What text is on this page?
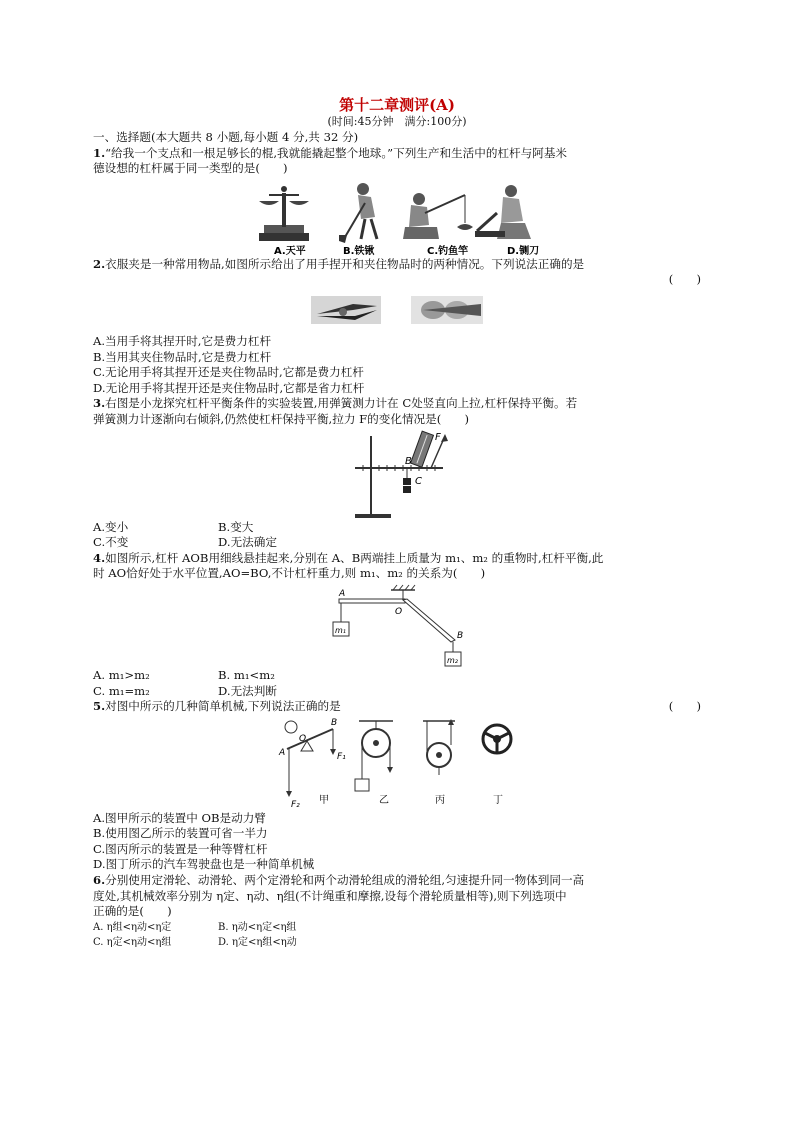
第十二章测评(A)

(时间:45分钟　满分:100分)

一、选择题(本大题共 8 小题,每小题 4 分,共 32 分)
1.“给我一个支点和一根足够长的棍,我就能撬起整个地球。”下列生产和生活中的杠杆与阿基米
德设想的杠杆属于同一类型的是(　　)
A.天平	B.铁锹	C.钓鱼竿	D.铡刀
2.衣服夹是一种常用物品,如图所示给出了用手捏开和夹住物品时的两种情况。下列说法正确的是
(　　)
A.当用手将其捏开时,它是费力杠杆
B.当用其夹住物品时,它是费力杠杆
C.无论用手将其捏开还是夹住物品时,它都是费力杠杆
D.无论用手将其捏开还是夹住物品时,它都是省力杠杆
3.右图是小龙探究杠杆平衡条件的实验装置,用弹簧测力计在 C处竖直向上拉,杠杆保持平衡。若
弹簧测力计逐渐向右倾斜,仍然使杠杆保持平衡,拉力 F的变化情况是(　　)
B
F
C
A.变小	B.变大
C.不变	D.无法确定
4.如图所示,杠杆 AOB用细线悬挂起来,分别在 A、B两端挂上质量为 m₁、m₂ 的重物时,杠杆平衡,此
时 AO恰好处于水平位置,AO=BO,不计杠杆重力,则 m₁、m₂ 的关系为(　　)
A
O
B
m₁
m₂
A. m₁>m₂	B. m₁<m₂
C. m₁=m₂	D.无法判断
5.对图中所示的几种简单机械,下列说法正确的是	(　　)
A
O
B
F₁
F₂ 甲	乙	丙	丁
A.图甲所示的装置中 OB是动力臂
B.使用图乙所示的装置可省一半力
C.图丙所示的装置是一种等臂杠杆
D.图丁所示的汽车驾驶盘也是一种简单机械
6.分别使用定滑轮、动滑轮、两个定滑轮和两个动滑轮组成的滑轮组,匀速提升同一物体到同一高
度处,其机械效率分别为 η定、η动、η组(不计绳重和摩擦,设每个滑轮质量相等),则下列选项中
正确的是(　　)
A. η组<η动<η定	B. η动<η定<η组
C. η定<η动<η组	D. η定<η组<η动
